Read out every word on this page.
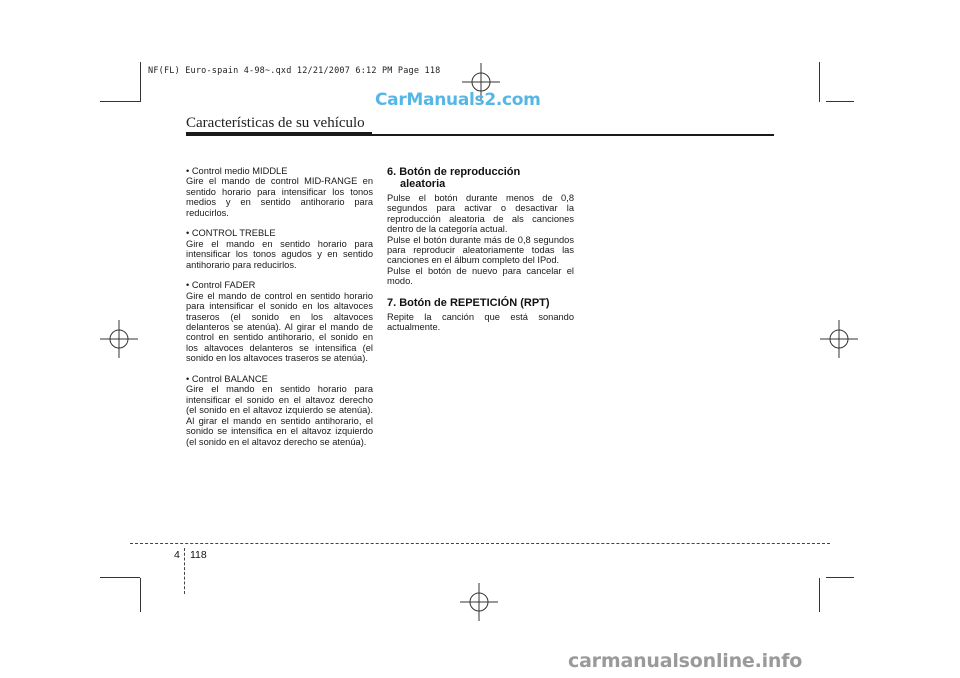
NF(FL) Euro-spain 4-98~.qxd 12/21/2007 6:12 PM Page 118
CarManuals2.com
Características de su vehículo

• Control medio MIDDLE

Gire el mando de control MID-RANGE en sentido horario para intensificar los tonos medios y en sentido antihorario para reducirlos.

• CONTROL TREBLE

Gire el mando en sentido horario para intensificar los tonos agudos y en sentido antihorario para reducirlos.

• Control FADER

Gire el mando de control en sentido horario para intensificar el sonido en los altavoces traseros (el sonido en los altavoces delanteros se atenúa). Al girar el mando de control en sentido antihorario, el sonido en los altavoces delanteros se intensifica (el sonido en los altavoces traseros se atenúa).

• Control BALANCE

Gire el mando en sentido horario para intensificar el sonido en el altavoz derecho (el sonido en el altavoz izquierdo se atenúa). Al girar el mando en sentido antihorario, el sonido se intensifica en el altavoz izquierdo (el sonido en el altavoz derecho se atenúa).

6. Botón de reproducción
aleatoria

Pulse el botón durante menos de 0,8 segundos para activar o desactivar la reproducción aleatoria de als canciones dentro de la categoría actual.

Pulse el botón durante más de 0,8 segundos para reproducir aleatoriamente todas las canciones en el álbum completo del IPod.

Pulse el botón de nuevo para cancelar el modo.

7. Botón de REPETICIÓN (RPT)

Repite la canción que está sonando actualmente.

4 118
carmanualsonline.info
